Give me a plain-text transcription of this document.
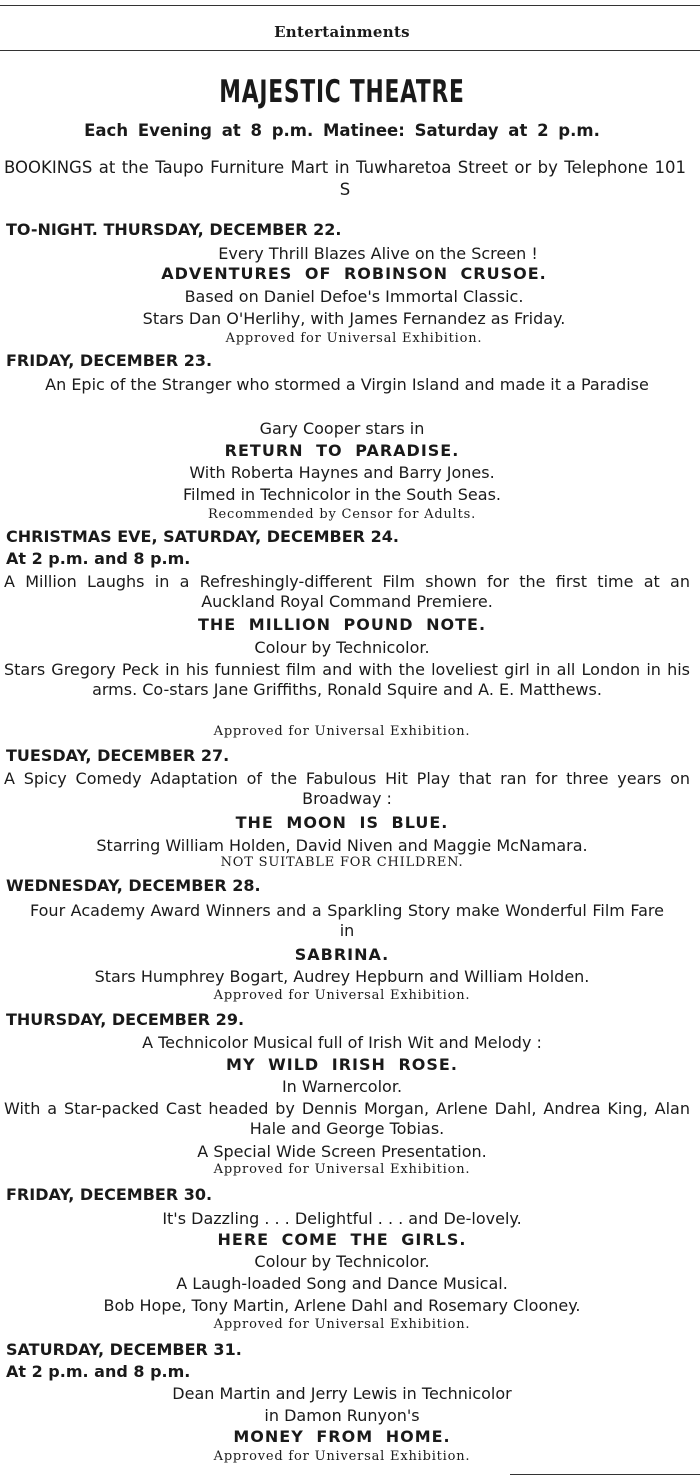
Entertainments
MAJESTIC THEATRE
Each Evening at 8 p.m. Matinee: Saturday at 2 p.m.
BOOKINGS at the Taupo Furniture Mart in Tuwharetoa Street or by Telephone 101 S
TO-NIGHT. THURSDAY, DECEMBER 22.
Every Thrill Blazes Alive on the Screen !
ADVENTURES OF ROBINSON CRUSOE.
Based on Daniel Defoe's Immortal Classic.
Stars Dan O'Herlihy, with James Fernandez as Friday.
Approved for Universal Exhibition.
FRIDAY, DECEMBER 23.
An Epic of the Stranger who stormed a Virgin Island and made it a Paradise
Gary Cooper stars in
RETURN TO PARADISE.
With Roberta Haynes and Barry Jones.
Filmed in Technicolor in the South Seas.
Recommended by Censor for Adults.
CHRISTMAS EVE, SATURDAY, DECEMBER 24.
At 2 p.m. and 8 p.m.
A Million Laughs in a Refreshingly-different Film shown for the first time at an Auckland Royal Command Premiere.
THE MILLION POUND NOTE.
Colour by Technicolor.
Stars Gregory Peck in his funniest film and with the loveliest girl in all London in his arms. Co-stars Jane Griffiths, Ronald Squire and A. E. Matthews.
Approved for Universal Exhibition.
TUESDAY, DECEMBER 27.
A Spicy Comedy Adaptation of the Fabulous Hit Play that ran for three years on Broadway :
THE MOON IS BLUE.
Starring William Holden, David Niven and Maggie McNamara.
NOT SUITABLE FOR CHILDREN.
WEDNESDAY, DECEMBER 28.
Four Academy Award Winners and a Sparkling Story make Wonderful Film Fare in
SABRINA.
Stars Humphrey Bogart, Audrey Hepburn and William Holden.
Approved for Universal Exhibition.
THURSDAY, DECEMBER 29.
A Technicolor Musical full of Irish Wit and Melody :
MY WILD IRISH ROSE.
In Warnercolor.
With a Star-packed Cast headed by Dennis Morgan, Arlene Dahl, Andrea King, Alan Hale and George Tobias.
A Special Wide Screen Presentation.
Approved for Universal Exhibition.
FRIDAY, DECEMBER 30.
It's Dazzling . . . Delightful . . . and De-lovely.
HERE COME THE GIRLS.
Colour by Technicolor.
A Laugh-loaded Song and Dance Musical.
Bob Hope, Tony Martin, Arlene Dahl and Rosemary Clooney.
Approved for Universal Exhibition.
SATURDAY, DECEMBER 31.
At 2 p.m. and 8 p.m.
Dean Martin and Jerry Lewis in Technicolor
in Damon Runyon's
MONEY FROM HOME.
Approved for Universal Exhibition.
